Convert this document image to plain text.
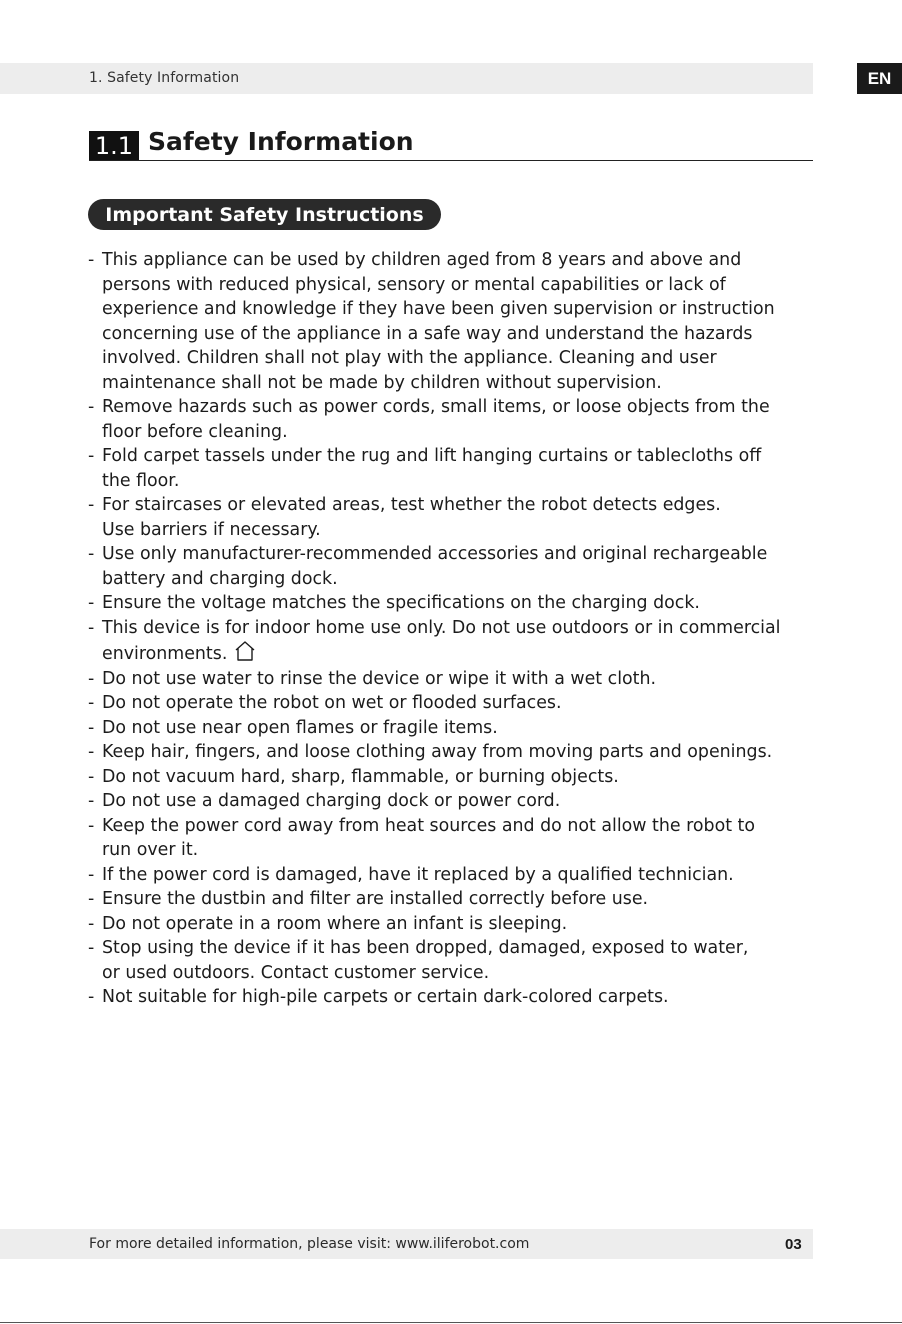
1. Safety Information	EN
1.1 Safety Information
Important Safety Instructions
- This appliance can be used by children aged from 8 years and above and
persons with reduced physical, sensory or mental capabilities or lack of
experience and knowledge if they have been given supervision or instruction
concerning use of the appliance in a safe way and understand the hazards
involved. Children shall not play with the appliance. Cleaning and user
maintenance shall not be made by children without supervision.
- Remove hazards such as power cords, small items, or loose objects from the
floor before cleaning.
- Fold carpet tassels under the rug and lift hanging curtains or tablecloths off
the floor.
- For staircases or elevated areas, test whether the robot detects edges.
Use barriers if necessary.
- Use only manufacturer-recommended accessories and original rechargeable
battery and charging dock.
- Ensure the voltage matches the specifications on the charging dock.
- This device is for indoor home use only. Do not use outdoors or in commercial
environments.
- Do not use water to rinse the device or wipe it with a wet cloth.
- Do not operate the robot on wet or flooded surfaces.
- Do not use near open flames or fragile items.
- Keep hair, fingers, and loose clothing away from moving parts and openings.
- Do not vacuum hard, sharp, flammable, or burning objects.
- Do not use a damaged charging dock or power cord.
- Keep the power cord away from heat sources and do not allow the robot to
run over it.
- If the power cord is damaged, have it replaced by a qualified technician.
- Ensure the dustbin and filter are installed correctly before use.
- Do not operate in a room where an infant is sleeping.
- Stop using the device if it has been dropped, damaged, exposed to water,
or used outdoors. Contact customer service.
- Not suitable for high-pile carpets or certain dark-colored carpets.
For more detailed information, please visit: www.iliferobot.com	03
